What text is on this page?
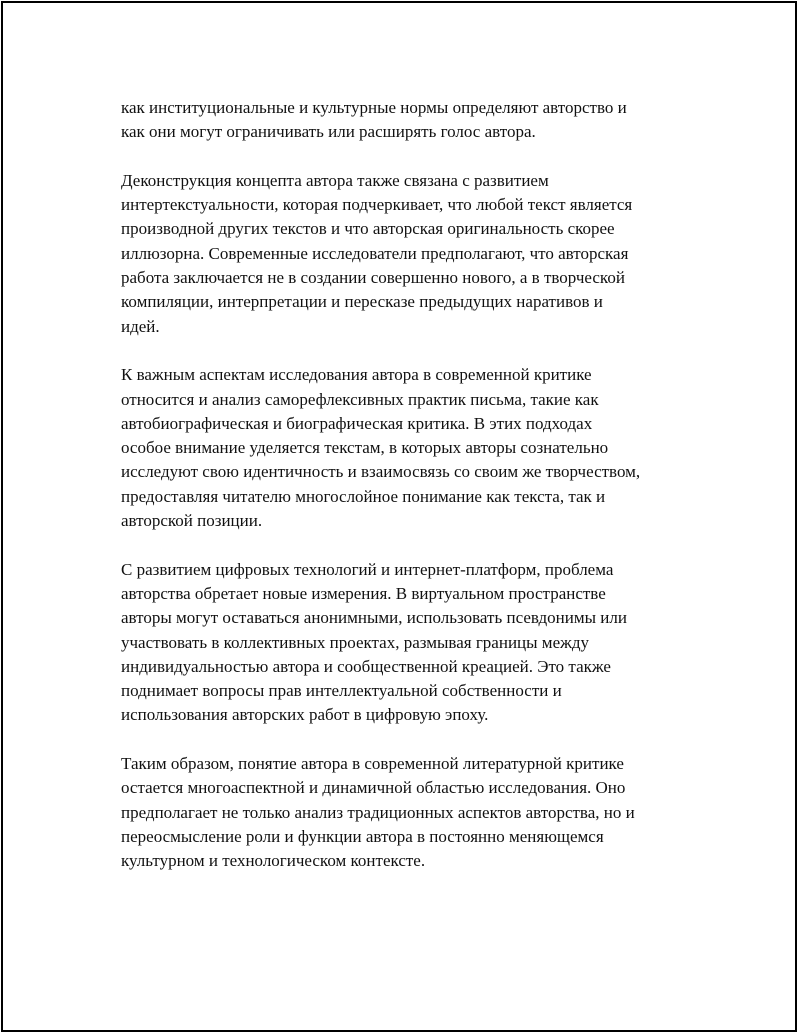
как институциональные и культурные нормы определяют авторство и
как они могут ограничивать или расширять голос автора.

Деконструкция концепта автора также связана с развитием
интертекстуальности, которая подчеркивает, что любой текст является
производной других текстов и что авторская оригинальность скорее
иллюзорна. Современные исследователи предполагают, что авторская
работа заключается не в создании совершенно нового, а в творческой
компиляции, интерпретации и пересказе предыдущих наративов и
идей.

К важным аспектам исследования автора в современной критике
относится и анализ саморефлексивных практик письма, такие как
автобиографическая и биографическая критика. В этих подходах
особое внимание уделяется текстам, в которых авторы сознательно
исследуют свою идентичность и взаимосвязь со своим же творчеством,
предоставляя читателю многослойное понимание как текста, так и
авторской позиции.

С развитием цифровых технологий и интернет-платформ, проблема
авторства обретает новые измерения. В виртуальном пространстве
авторы могут оставаться анонимными, использовать псевдонимы или
участвовать в коллективных проектах, размывая границы между
индивидуальностью автора и сообщественной креацией. Это также
поднимает вопросы прав интеллектуальной собственности и
использования авторских работ в цифровую эпоху.

Таким образом, понятие автора в современной литературной критике
остается многоаспектной и динамичной областью исследования. Оно
предполагает не только анализ традиционных аспектов авторства, но и
переосмысление роли и функции автора в постоянно меняющемся
культурном и технологическом контексте.
